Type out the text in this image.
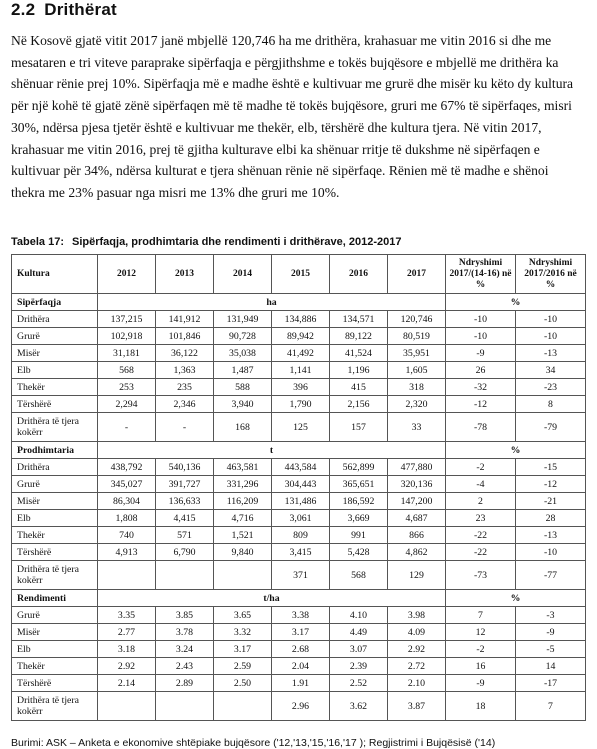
2.2 Drithërat

Në Kosovë gjatë vitit 2017 janë mbjellë 120,746 ha me drithëra, krahasuar me vitin 2016 si dhe me mesataren e tri viteve paraprake sipërfaqja e përgjithshme e tokës bujqësore e mbjellë me drithëra ka shënuar rënie prej 10%. Sipërfaqja më e madhe është e kultivuar me grurë dhe misër ku këto dy kultura për një kohë të gjatë zënë sipërfaqen më të madhe të tokës bujqësore, gruri me 67% të sipërfaqes, misri 30%, ndërsa pjesa tjetër është e kultivuar me thekër, elb, tërshërë dhe kultura tjera. Në vitin 2017, krahasuar me vitin 2016, prej të gjitha kulturave elbi ka shënuar rritje të dukshme në sipërfaqen e kultivuar për 34%, ndërsa kulturat e tjera shënuan rënie në sipërfaqe. Rënien më të madhe e shënoi thekra me 23% pasuar nga misri me 13% dhe gruri me 10%.

Tabela 17: Sipërfaqja, prodhimtaria dhe rendimenti i drithërave, 2012-2017
Kultura	2012	2013	2014	2015	2016	2017	Ndryshimi 2017/(14-16) në %	Ndryshimi 2017/2016 në %
Sipërfaqja	ha						%	
Drithëra	137,215	141,912	131,949	134,886	134,571	120,746	-10	-10
Grurë	102,918	101,846	90,728	89,942	89,122	80,519	-10	-10
Misër	31,181	36,122	35,038	41,492	41,524	35,951	-9	-13
Elb	568	1,363	1,487	1,141	1,196	1,605	26	34
Thekër	253	235	588	396	415	318	-32	-23
Tërshërë	2,294	2,346	3,940	1,790	2,156	2,320	-12	8
Drithëra të tjera kokërr	-	-	168	125	157	33	-78	-79
Prodhimtaria	t						%	
Drithëra	438,792	540,136	463,581	443,584	562,899	477,880	-2	-15
Grurë	345,027	391,727	331,296	304,443	365,651	320,136	-4	-12
Misër	86,304	136,633	116,209	131,486	186,592	147,200	2	-21
Elb	1,808	4,415	4,716	3,061	3,669	4,687	23	28
Thekër	740	571	1,521	809	991	866	-22	-13
Tërshërë	4,913	6,790	9,840	3,415	5,428	4,862	-22	-10
Drithëra të tjera kokërr				371	568	129	-73	-77
Rendimenti	t/ha						%	
Grurë	3.35	3.85	3.65	3.38	4.10	3.98	7	-3
Misër	2.77	3.78	3.32	3.17	4.49	4.09	12	-9
Elb	3.18	3.24	3.17	2.68	3.07	2.92	-2	-5
Thekër	2.92	2.43	2.59	2.04	2.39	2.72	16	14
Tërshërë	2.14	2.89	2.50	1.91	2.52	2.10	-9	-17
Drithëra të tjera kokërr				2.96	3.62	3.87	18	7
Burimi: ASK – Anketa e ekonomive shtëpiake bujqësore ('12,'13,'15,'16,'17 ); Regjistrimi i Bujqësisë ('14)
